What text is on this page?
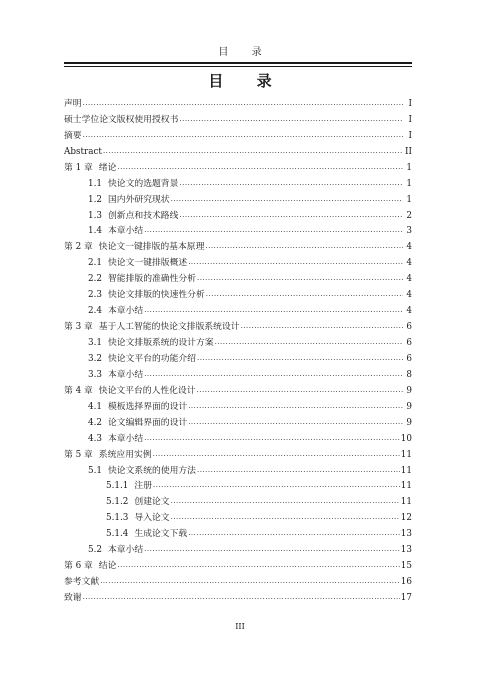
目 录
目 录
声明 .....	I
硕士学位论文版权使用授权书 .....	I
摘要 .....	I
Abstract .....	II
第 1 章 绪论 .....	1
1.1 快论文的选题背景 .....	1
1.2 国内外研究现状 .....	1
1.3 创新点和技术路线 .....	2
1.4 本章小结 .....	3
第 2 章 快论文一键排版的基本原理 .....	4
2.1 快论文一键排版概述 .....	4
2.2 智能排版的准确性分析 .....	4
2.3 快论文排版的快速性分析 .....	4
2.4 本章小结 .....	4
第 3 章 基于人工智能的快论文排版系统设计 .....	6
3.1 快论文排版系统的设计方案 .....	6
3.2 快论文平台的功能介绍 .....	6
3.3 本章小结 .....	8
第 4 章 快论文平台的人性化设计 .....	9
4.1 模板选择界面的设计 .....	9
4.2 论文编辑界面的设计 .....	9
4.3 本章小结 .....	10
第 5 章 系统应用实例 .....	11
5.1 快论文系统的使用方法 .....	11
5.1.1 注册 .....	11
5.1.2 创建论文 .....	11
5.1.3 导入论文 .....	12
5.1.4 生成论文下载 .....	13
5.2 本章小结 .....	13
第 6 章 结论 .....	15
参考文献 .....	16
致谢 .....	17
III
